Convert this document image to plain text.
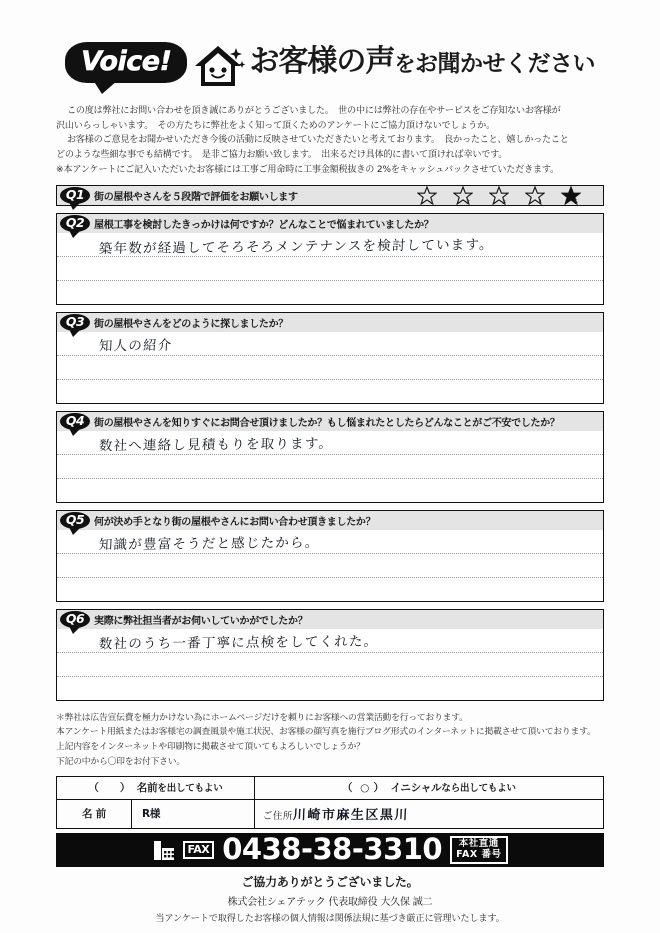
Voice!	お客様の声をお聞かせください

この度は弊社にお問い合わせを頂き誠にありがとうございました。　世の中には弊社の存在やサービスをご存知ないお客様が

沢山いらっしゃいます。　その方たちに弊社をよく知って頂くためのアンケートにご協力頂けないでしょうか。

お客様のご意見をお聞かせいただき今後の活動に反映させていただきたいと考えております。　良かったこと、嬉しかったこと

どのような些細な事でも結構です。　是非ご協力お願い致します。　出来るだけ具体的に書いて頂ければ幸いです。

※本アンケートにご記入いただいたお客様には工事ご用命時に工事金額税抜きの 2%をキャッシュバックさせていただきます。

Q1 街の屋根やさんを５段階で評価をお願いします	1	2	3	4	5
Q2 屋根工事を検討したきっかけは何ですか？どんなことで悩まれていましたか？
築年数が経過してそろそろメンテナンスを検討しています。
Q3 街の屋根やさんをどのように探しましたか？
知人の紹介
Q4 街の屋根やさんを知りすぐにお問合せ頂けましたか？もし悩まれたとしたらどんなことがご不安でしたか？
数社へ連絡し見積もりを取ります。
Q5 何が決め手となり街の屋根やさんにお問い合わせ頂きましたか？
知識が豊富そうだと感じたから。
Q6 実際に弊社担当者がお伺いしていかがでしたか？
数社のうち一番丁寧に点検をしてくれた。

＊弊社は広告宣伝費を極力かけない為にホームページだけを頼りにお客様への営業活動を行っております。

本アンケート用紙またはお客様宅の調査風景や施工状況、お客様の顔写真を施行ブログ形式のインターネットに掲載させて頂いております。

上記内容をインターネットや印刷物に掲載させて頂いてもよろしいでしょうか？

下記の中から〇印をお付下さい。

（ ） 名前を出してもよい		（ ○ ） イニシャルなら出してもよい
名 前	R様	ご住所川崎市麻生区黒川
FAX 0438-38-3310 本社直通
FAX 番号
ご協力ありがとうございました。
株式会社シェアテック 代表取締役 大久保 誠二
当アンケートで取得したお客様の個人情報は関係法規に基づき厳正に管理いたします。
